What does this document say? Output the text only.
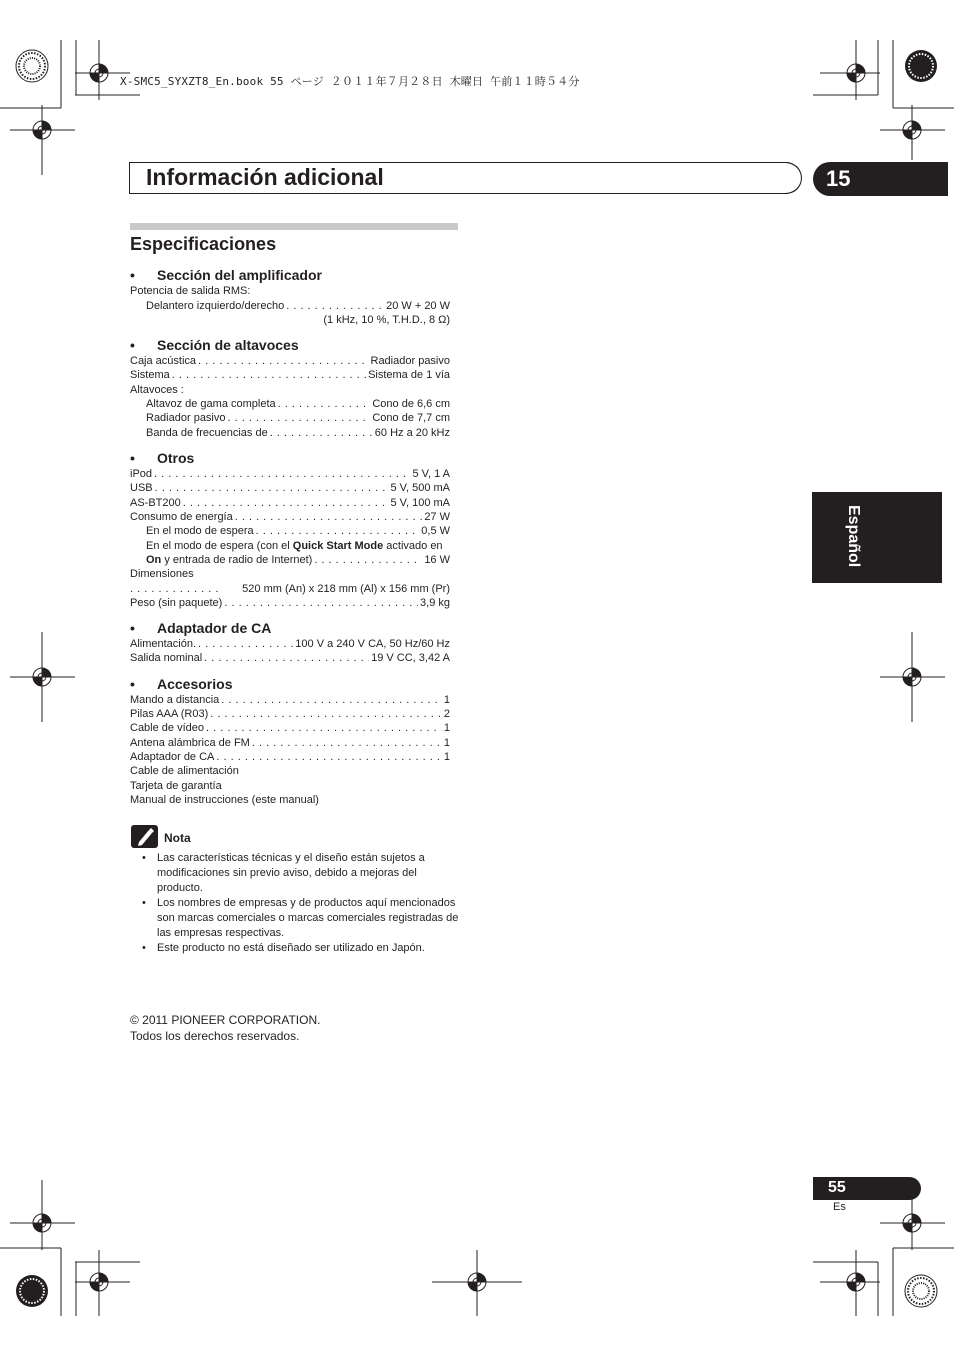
X-SMC5_SYXZT8_En.book 55 ページ ２０１１年７月２８日 木曜日 午前１１時５４分
Información adicional	15
Especificaciones
• Sección del amplificador
Potencia de salida RMS:
Delantero izquierdo/derecho . . .	20 W + 20 W
(1 kHz, 10 %, T.H.D., 8 Ω)
• Sección de altavoces
Caja acústica . . .	Radiador pasivo
Sistema . . .	Sistema de 1 vía
Altavoces :
Altavoz de gama completa . . .	Cono de 6,6 cm
Radiador pasivo . . .	Cono de 7,7 cm
Banda de frecuencias de . . .	60 Hz a 20 kHz
• Otros
iPod . . .	5 V, 1 A
USB . . .	5 V, 500 mA
AS-BT200 . . .	5 V, 100 mA
Consumo de energía . . .	27 W
En el modo de espera . . .	0,5 W
En el modo de espera (con el Quick Start Mode activado en
On y entrada de radio de Internet) . . .	16 W
Dimensiones
. . .
520 mm (An) x 218 mm (Al) x 156 mm (Pr)
Peso (sin paquete) . . .	3,9 kg
• Adaptador de CA
Alimentación. . . .	100 V a 240 V CA, 50 Hz/60 Hz
Salida nominal . . .	19 V CC, 3,42 A
• Accesorios
Mando a distancia . . .	1
Pilas AAA (R03) . . .	2
Cable de vídeo . . .	1
Antena alámbrica de FM . . .	1
Adaptador de CA . . .	1
Cable de alimentación
Tarjeta de garantía
Manual de instrucciones (este manual)
Nota
• Las características técnicas y el diseño están sujetos a modificaciones sin previo aviso, debido a mejoras del producto.
• Los nombres de empresas y de productos aquí mencionados son marcas comerciales o marcas comerciales registradas de las empresas respectivas.
• Este producto no está diseñado ser utilizado en Japón.
© 2011 PIONEER CORPORATION.
Todos los derechos reservados.
Español
55
Es
